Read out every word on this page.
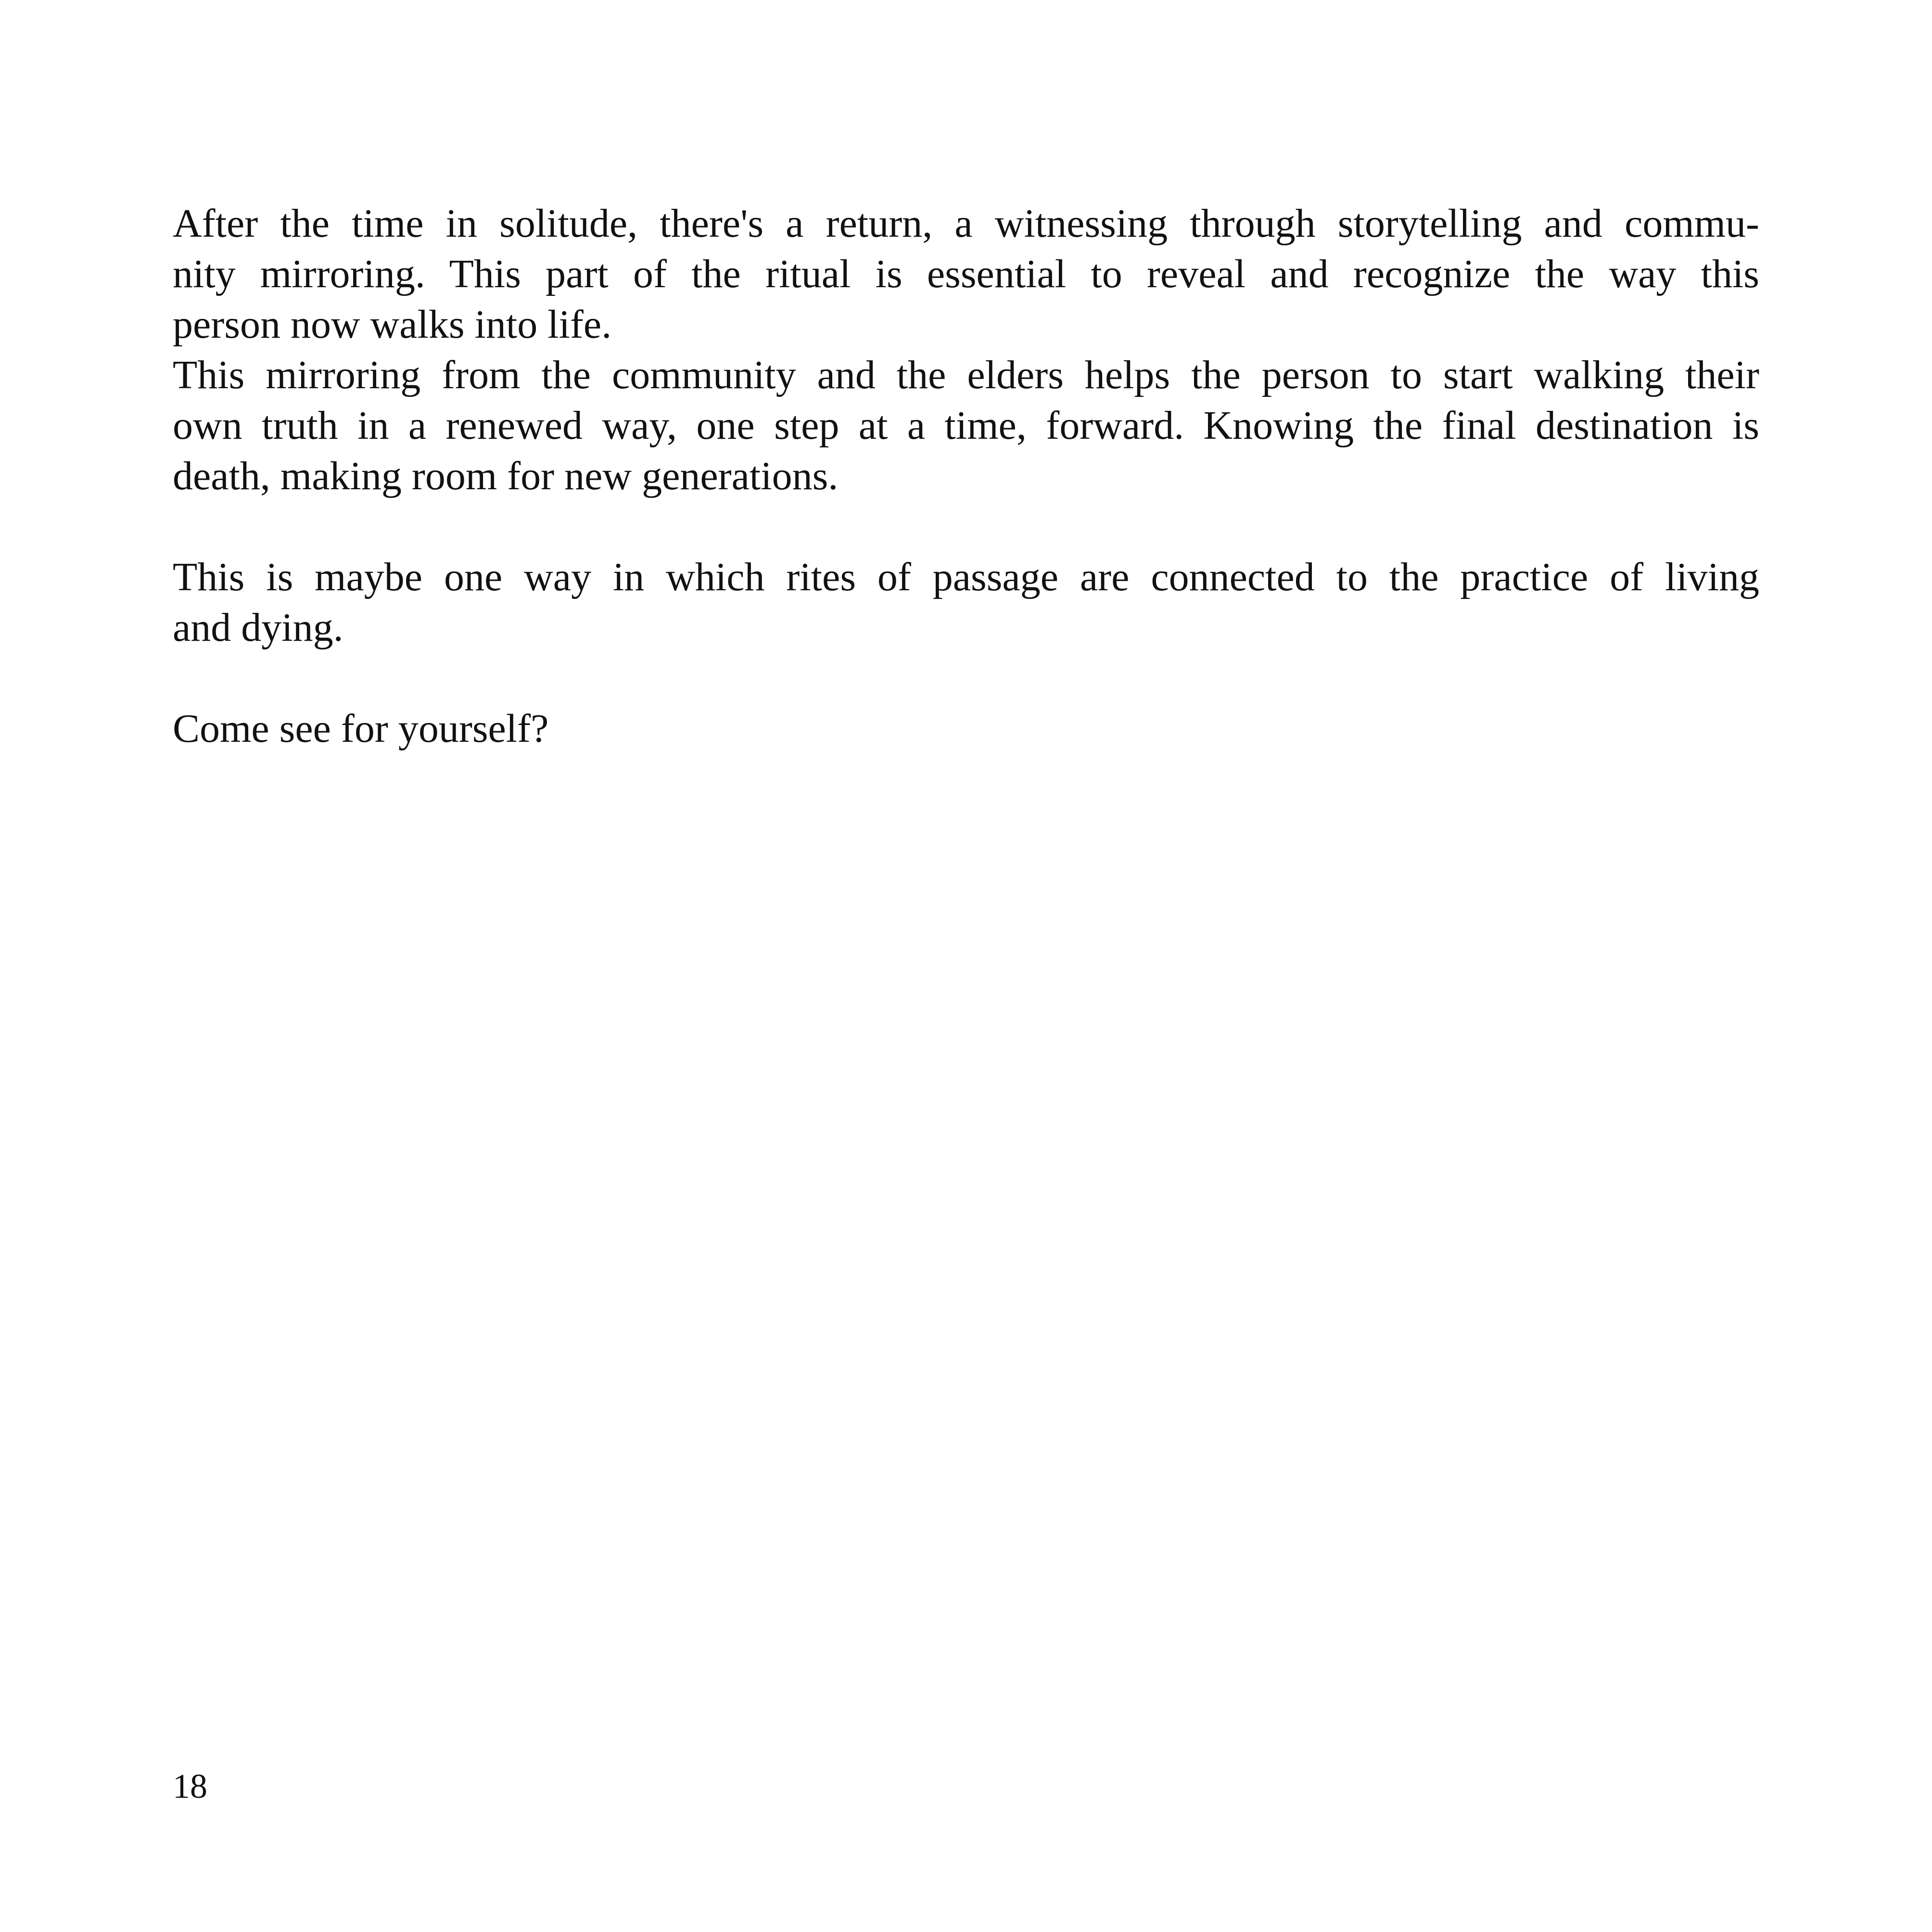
After the time in solitude, there's a return, a witnessing through storytelling and commu-
nity mirroring. This part of the ritual is essential to reveal and recognize the way this
person now walks into life.
This mirroring from the community and the elders helps the person to start walking their
own truth in a renewed way, one step at a time, forward. Knowing the final destination is
death, making room for new generations.
This is maybe one way in which rites of passage are connected to the practice of living
and dying.
Come see for yourself?
18
